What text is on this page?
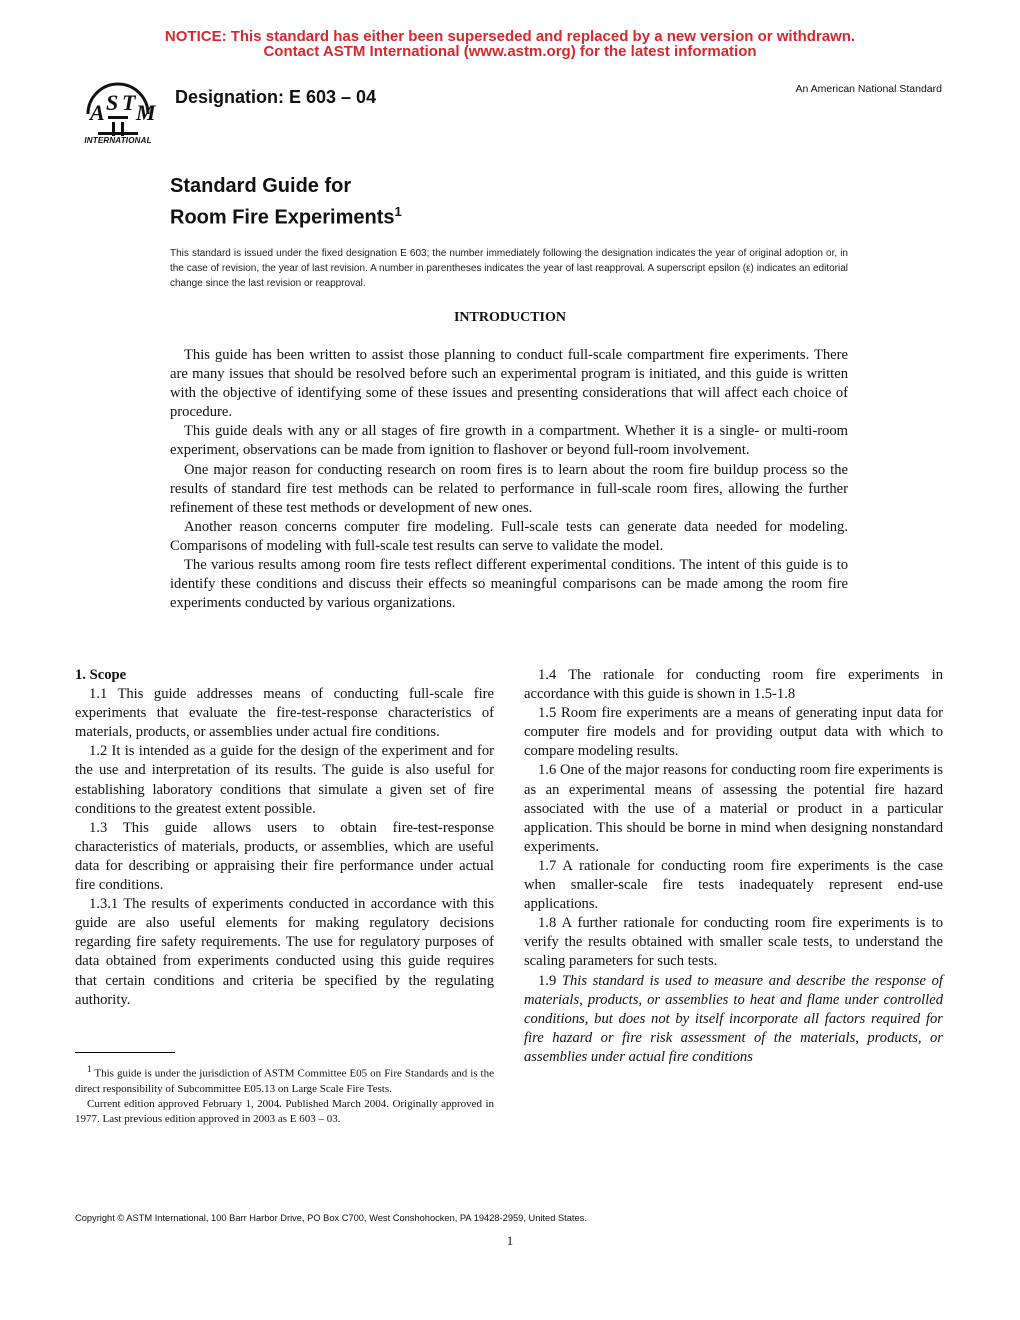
NOTICE: This standard has either been superseded and replaced by a new version or withdrawn.
Contact ASTM International (www.astm.org) for the latest information
A S T M
INTERNATIONAL
Designation: E 603 – 04	An American National Standard
Standard Guide for
Room Fire Experiments$^1$
This standard is issued under the fixed designation E 603; the number immediately following the designation indicates the year of original adoption or, in the case of revision, the year of last revision. A number in parentheses indicates the year of last reapproval. A superscript epsilon (ε) indicates an editorial change since the last revision or reapproval.
INTRODUCTION

This guide has been written to assist those planning to conduct full-scale compartment fire experiments. There are many issues that should be resolved before such an experimental program is initiated, and this guide is written with the objective of identifying some of these issues and presenting considerations that will affect each choice of procedure.

This guide deals with any or all stages of fire growth in a compartment. Whether it is a single- or multi-room experiment, observations can be made from ignition to flashover or beyond full-room involvement.

One major reason for conducting research on room fires is to learn about the room fire buildup process so the results of standard fire test methods can be related to performance in full-scale room fires, allowing the further refinement of these test methods or development of new ones.

Another reason concerns computer fire modeling. Full-scale tests can generate data needed for modeling. Comparisons of modeling with full-scale test results can serve to validate the model.

The various results among room fire tests reflect different experimental conditions. The intent of this guide is to identify these conditions and discuss their effects so meaningful comparisons can be made among the room fire experiments conducted by various organizations.

1. Scope

1.1 This guide addresses means of conducting full-scale fire experiments that evaluate the fire-test-response characteristics of materials, products, or assemblies under actual fire conditions.

1.2 It is intended as a guide for the design of the experiment and for the use and interpretation of its results. The guide is also useful for establishing laboratory conditions that simulate a given set of fire conditions to the greatest extent possible.

1.3 This guide allows users to obtain fire-test-response characteristics of materials, products, or assemblies, which are useful data for describing or appraising their fire performance under actual fire conditions.

1.3.1 The results of experiments conducted in accordance with this guide are also useful elements for making regulatory decisions regarding fire safety requirements. The use for regulatory purposes of data obtained from experiments conducted using this guide requires that certain conditions and criteria be specified by the regulating authority.

1.4 The rationale for conducting room fire experiments in accordance with this guide is shown in 1.5-1.8

1.5 Room fire experiments are a means of generating input data for computer fire models and for providing output data with which to compare modeling results.

1.6 One of the major reasons for conducting room fire experiments is as an experimental means of assessing the potential fire hazard associated with the use of a material or product in a particular application. This should be borne in mind when designing nonstandard experiments.

1.7 A rationale for conducting room fire experiments is the case when smaller-scale fire tests inadequately represent end-use applications.

1.8 A further rationale for conducting room fire experiments is to verify the results obtained with smaller scale tests, to understand the scaling parameters for such tests.

1.9 This standard is used to measure and describe the response of materials, products, or assemblies to heat and flame under controlled conditions, but does not by itself incorporate all factors required for fire hazard or fire risk assessment of the materials, products, or assemblies under actual fire conditions

$^1$ This guide is under the jurisdiction of ASTM Committee E05 on Fire Standards and is the direct responsibility of Subcommittee E05.13 on Large Scale Fire Tests.

Current edition approved February 1, 2004. Published March 2004. Originally approved in 1977. Last previous edition approved in 2003 as E 603 – 03.

Copyright © ASTM International, 100 Barr Harbor Drive, PO Box C700, West Conshohocken, PA 19428-2959, United States.
1
